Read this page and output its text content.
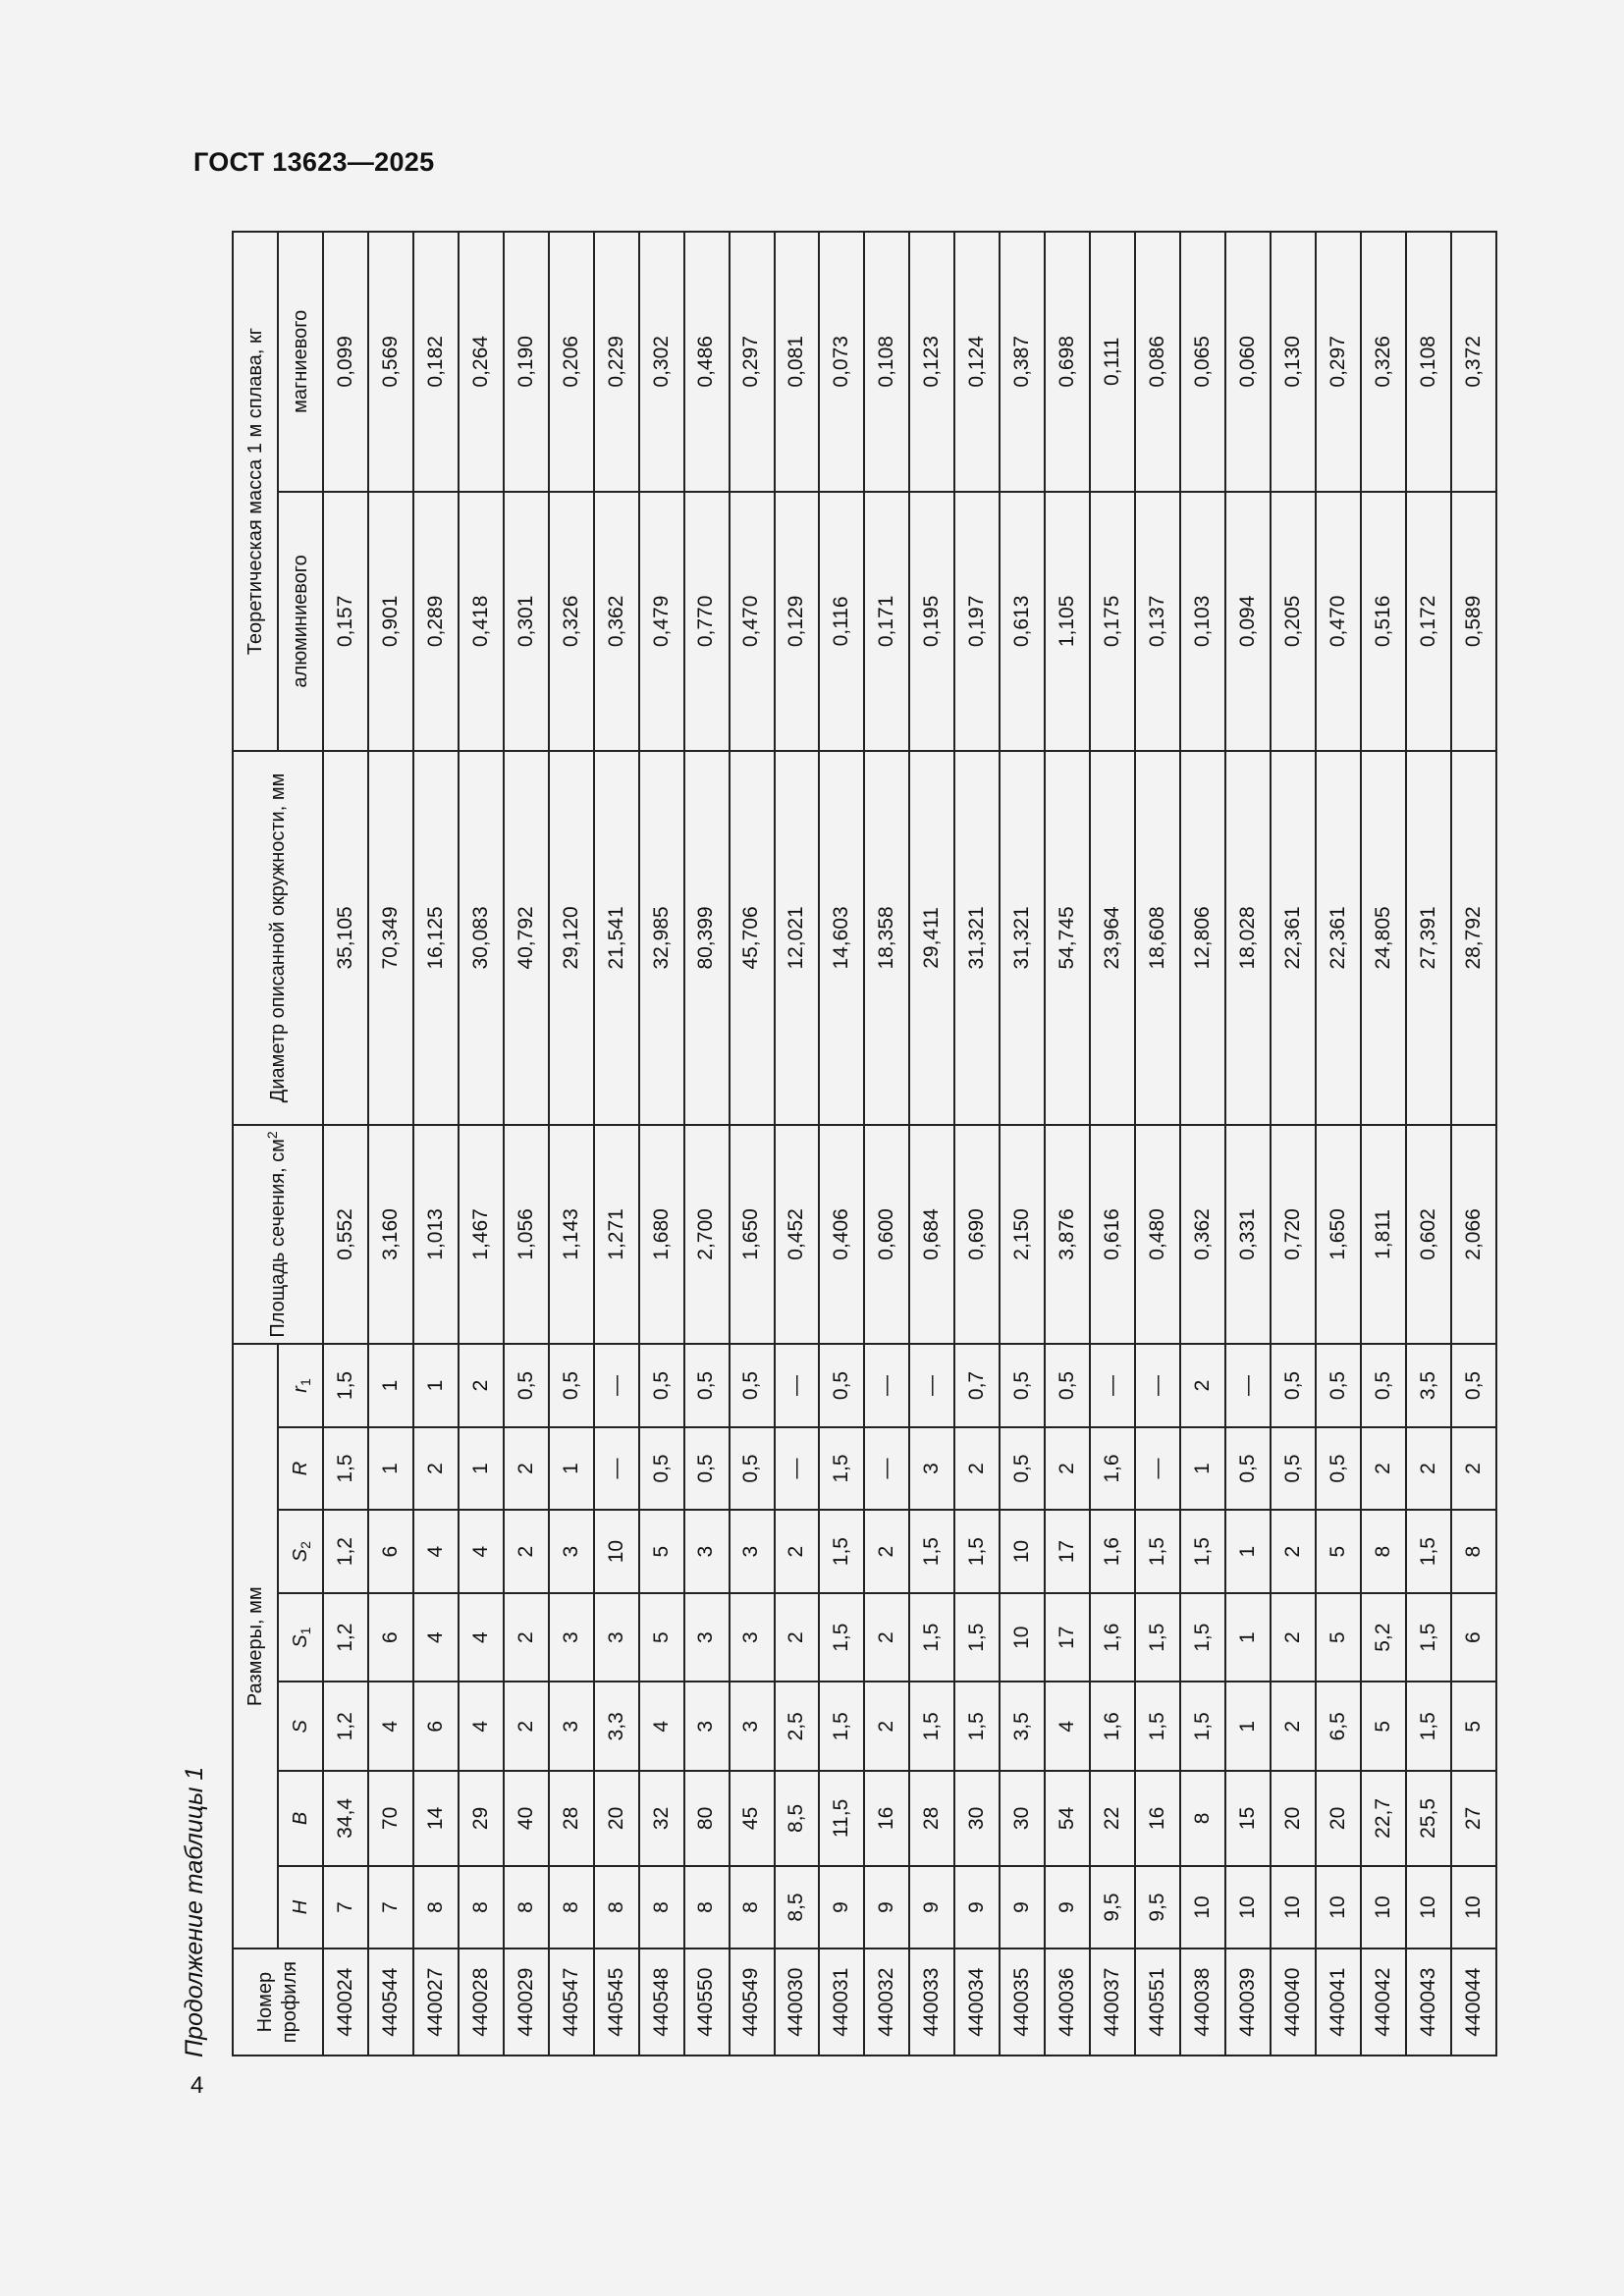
ГОСТ 13623—2025
4
Продолжение таблицы 1 Номер профиля	Размеры, мм							Площадь сечения, $см^2$	Диаметр описанной окружности, мм	Теоретическая масса 1 м сплава, кг	
	H	B	S	$S_1$	$S_2$	R	$r_1$			алюминиевого	магниевого
440024	7	34,4	1,2	1,2	1,2	1,5	1,5	0,552	35,105	0,157	0,099
440544	7	70	4	6	6	1	1	3,160	70,349	0,901	0,569
440027	8	14	6	4	4	2	1	1,013	16,125	0,289	0,182
440028	8	29	4	4	4	1	2	1,467	30,083	0,418	0,264
440029	8	40	2	2	2	2	0,5	1,056	40,792	0,301	0,190
440547	8	28	3	3	3	1	0,5	1,143	29,120	0,326	0,206
440545	8	20	3,3	3	10	—	—	1,271	21,541	0,362	0,229
440548	8	32	4	5	5	0,5	0,5	1,680	32,985	0,479	0,302
440550	8	80	3	3	3	0,5	0,5	2,700	80,399	0,770	0,486
440549	8	45	3	3	3	0,5	0,5	1,650	45,706	0,470	0,297
440030	8,5	8,5	2,5	2	2	—	—	0,452	12,021	0,129	0,081
440031	9	11,5	1,5	1,5	1,5	1,5	0,5	0,406	14,603	0,116	0,073
440032	9	16	2	2	2	—	—	0,600	18,358	0,171	0,108
440033	9	28	1,5	1,5	1,5	3	—	0,684	29,411	0,195	0,123
440034	9	30	1,5	1,5	1,5	2	0,7	0,690	31,321	0,197	0,124
440035	9	30	3,5	10	10	0,5	0,5	2,150	31,321	0,613	0,387
440036	9	54	4	17	17	2	0,5	3,876	54,745	1,105	0,698
440037	9,5	22	1,6	1,6	1,6	1,6	—	0,616	23,964	0,175	0,111
440551	9,5	16	1,5	1,5	1,5	—	—	0,480	18,608	0,137	0,086
440038	10	8	1,5	1,5	1,5	1	2	0,362	12,806	0,103	0,065
440039	10	15	1	1	1	0,5	—	0,331	18,028	0,094	0,060
440040	10	20	2	2	2	0,5	0,5	0,720	22,361	0,205	0,130
440041	10	20	6,5	5	5	0,5	0,5	1,650	22,361	0,470	0,297
440042	10	22,7	5	5,2	8	2	0,5	1,811	24,805	0,516	0,326
440043	10	25,5	1,5	1,5	1,5	2	3,5	0,602	27,391	0,172	0,108
440044	10	27	5	6	8	2	0,5	2,066	28,792	0,589	0,372
